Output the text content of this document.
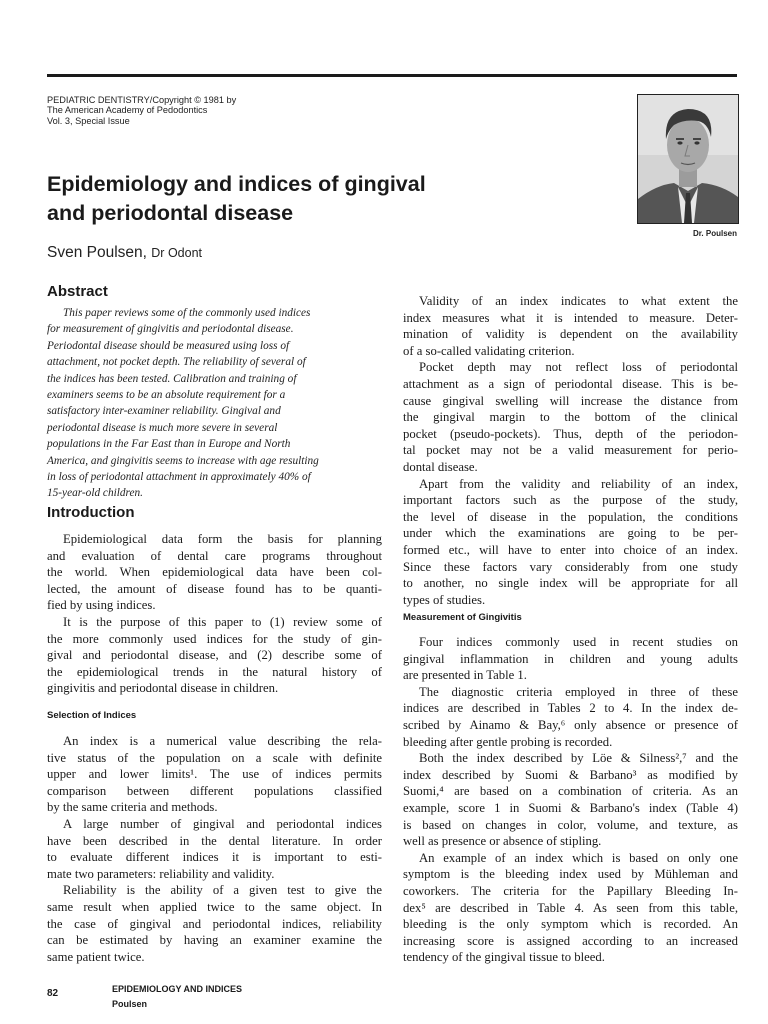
PEDIATRIC DENTISTRY/Copyright © 1981 by
The American Academy of Pedodontics
Vol. 3, Special Issue
Dr. Poulsen
Epidemiology and indices of gingival
and periodontal disease
Sven Poulsen, Dr Odont
Abstract
This paper reviews some of the commonly used indices
for measurement of gingivitis and periodontal disease.
Periodontal disease should be measured using loss of
attachment, not pocket depth. The reliability of several of
the indices has been tested. Calibration and training of
examiners seems to be an absolute requirement for a
satisfactory inter-examiner reliability. Gingival and
periodontal disease is much more severe in several
populations in the Far East than in Europe and North
America, and gingivitis seems to increase with age resulting
in loss of periodontal attachment in approximately 40% of
15-year-old children.
Introduction
Epidemiological data form the basis for planning
and evaluation of dental care programs throughout
the world. When epidemiological data have been col-
lected, the amount of disease found has to be quanti-
fied by using indices.
It is the purpose of this paper to (1) review some of
the more commonly used indices for the study of gin-
gival and periodontal disease, and (2) describe some of
the epidemiological trends in the natural history of
gingivitis and periodontal disease in children.
Selection of Indices
An index is a numerical value describing the rela-
tive status of the population on a scale with definite
upper and lower limits¹. The use of indices permits
comparison between different populations classified
by the same criteria and methods.
A large number of gingival and periodontal indices
have been described in the dental literature. In order
to evaluate different indices it is important to esti-
mate two parameters: reliability and validity.
Reliability is the ability of a given test to give the
same result when applied twice to the same object. In
the case of gingival and periodontal indices, reliability
can be estimated by having an examiner examine the
same patient twice.
Validity of an index indicates to what extent the
index measures what it is intended to measure. Deter-
mination of validity is dependent on the availability
of a so-called validating criterion.
Pocket depth may not reflect loss of periodontal
attachment as a sign of periodontal disease. This is be-
cause gingival swelling will increase the distance from
the gingival margin to the bottom of the clinical
pocket (pseudo-pockets). Thus, depth of the periodon-
tal pocket may not be a valid measurement for perio-
dontal disease.
Apart from the validity and reliability of an index,
important factors such as the purpose of the study,
the level of disease in the population, the conditions
under which the examinations are going to be per-
formed etc., will have to enter into choice of an index.
Since these factors vary considerably from one study
to another, no single index will be appropriate for all
types of studies.
Measurement of Gingivitis
Four indices commonly used in recent studies on
gingival inflammation in children and young adults
are presented in Table 1.
The diagnostic criteria employed in three of these
indices are described in Tables 2 to 4. In the index de-
scribed by Ainamo & Bay,⁶ only absence or presence of
bleeding after gentle probing is recorded.
Both the index described by Löe & Silness²,⁷ and the
index described by Suomi & Barbano³ as modified by
Suomi,⁴ are based on a combination of criteria. As an
example, score 1 in Suomi & Barbano's index (Table 4)
is based on changes in color, volume, and texture, as
well as presence or absence of stipling.
An example of an index which is based on only one
symptom is the bleeding index used by Mühleman and
coworkers. The criteria for the Papillary Bleeding In-
dex⁵ are described in Table 4. As seen from this table,
bleeding is the only symptom which is recorded. An
increasing score is assigned according to an increased
tendency of the gingival tissue to bleed.
82	EPIDEMIOLOGY AND INDICES
Poulsen
